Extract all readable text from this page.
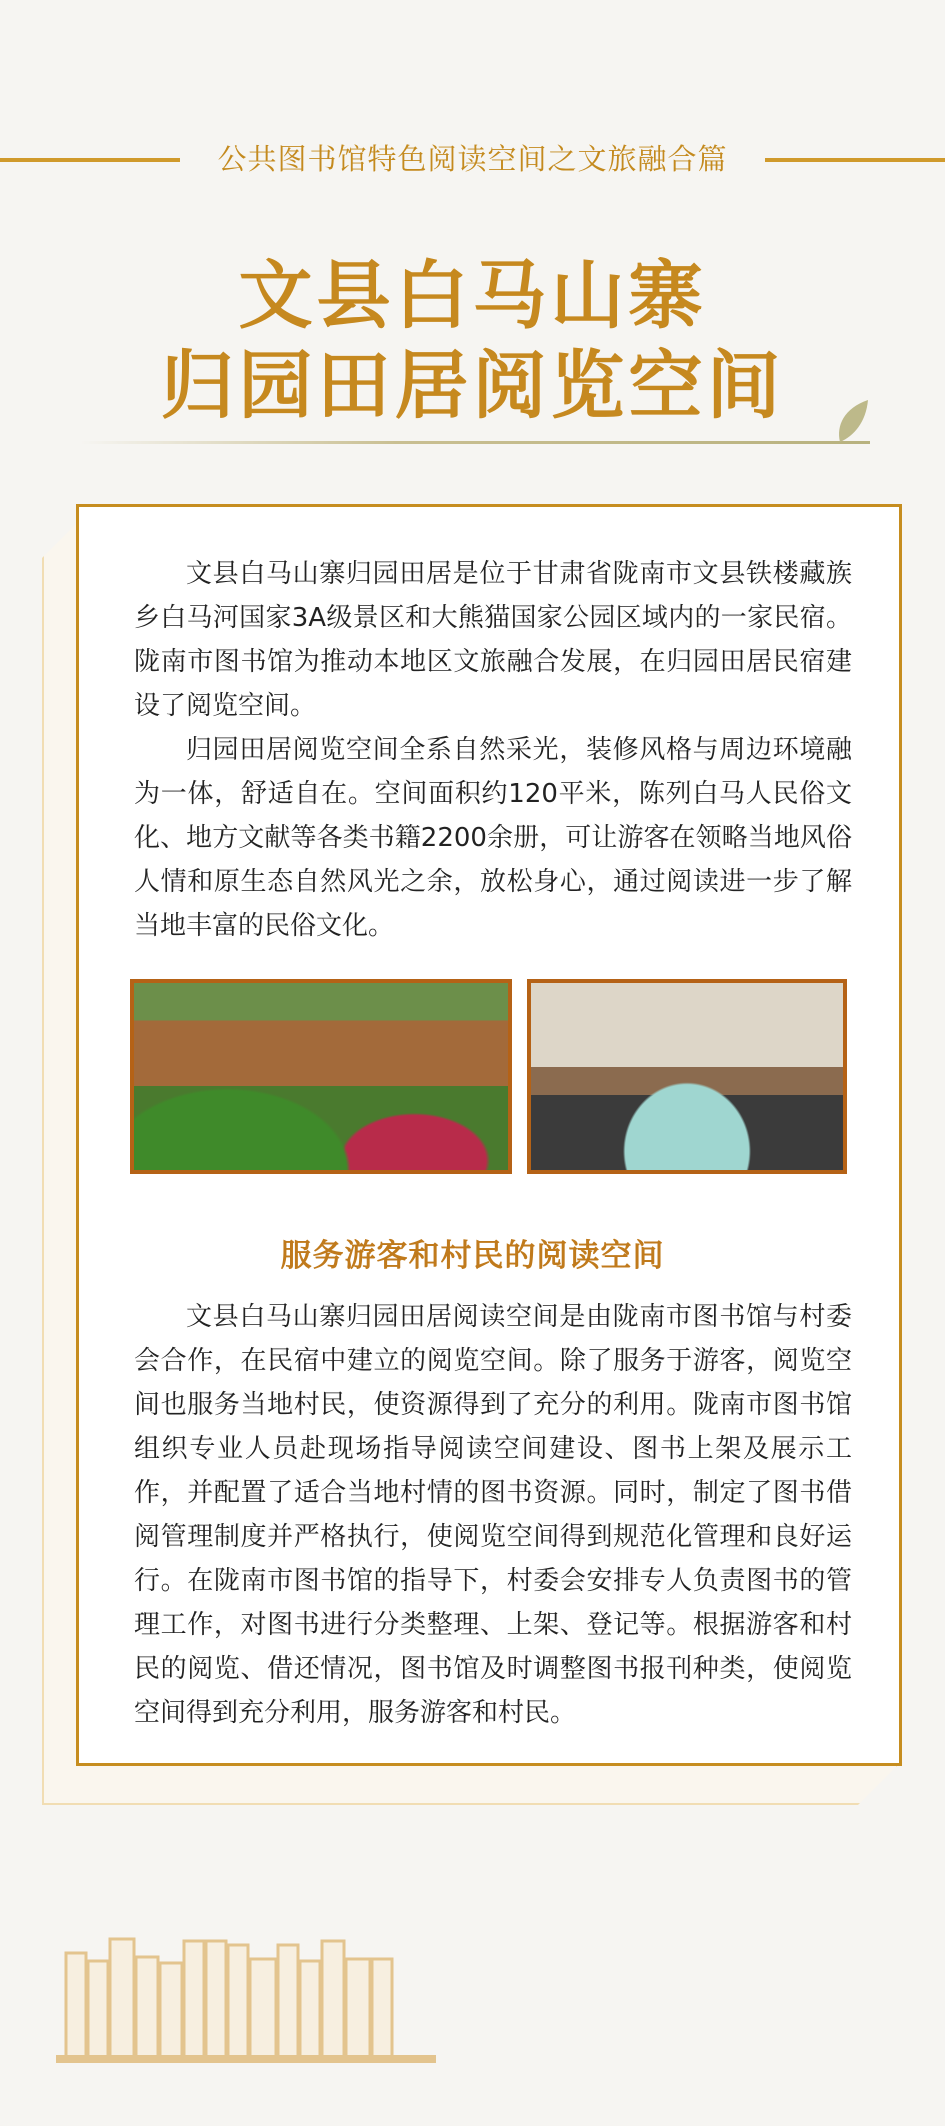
公共图书馆特色阅读空间之文旅融合篇
文县白马山寨
归园田居阅览空间

文县白马山寨归园田居是位于甘肃省陇南市文县铁楼藏族乡白马河国家3A级景区和大熊猫国家公园区域内的一家民宿。陇南市图书馆为推动本地区文旅融合发展，在归园田居民宿建设了阅览空间。

归园田居阅览空间全系自然采光，装修风格与周边环境融为一体，舒适自在。空间面积约120平米，陈列白马人民俗文化、地方文献等各类书籍2200余册，可让游客在领略当地风俗人情和原生态自然风光之余，放松身心，通过阅读进一步了解当地丰富的民俗文化。

服务游客和村民的阅读空间

文县白马山寨归园田居阅读空间是由陇南市图书馆与村委会合作，在民宿中建立的阅览空间。除了服务于游客，阅览空间也服务当地村民，使资源得到了充分的利用。陇南市图书馆组织专业人员赴现场指导阅读空间建设、图书上架及展示工作，并配置了适合当地村情的图书资源。同时，制定了图书借阅管理制度并严格执行，使阅览空间得到规范化管理和良好运行。在陇南市图书馆的指导下，村委会安排专人负责图书的管理工作，对图书进行分类整理、上架、登记等。根据游客和村民的阅览、借还情况，图书馆及时调整图书报刊种类，使阅览空间得到充分利用，服务游客和村民。
